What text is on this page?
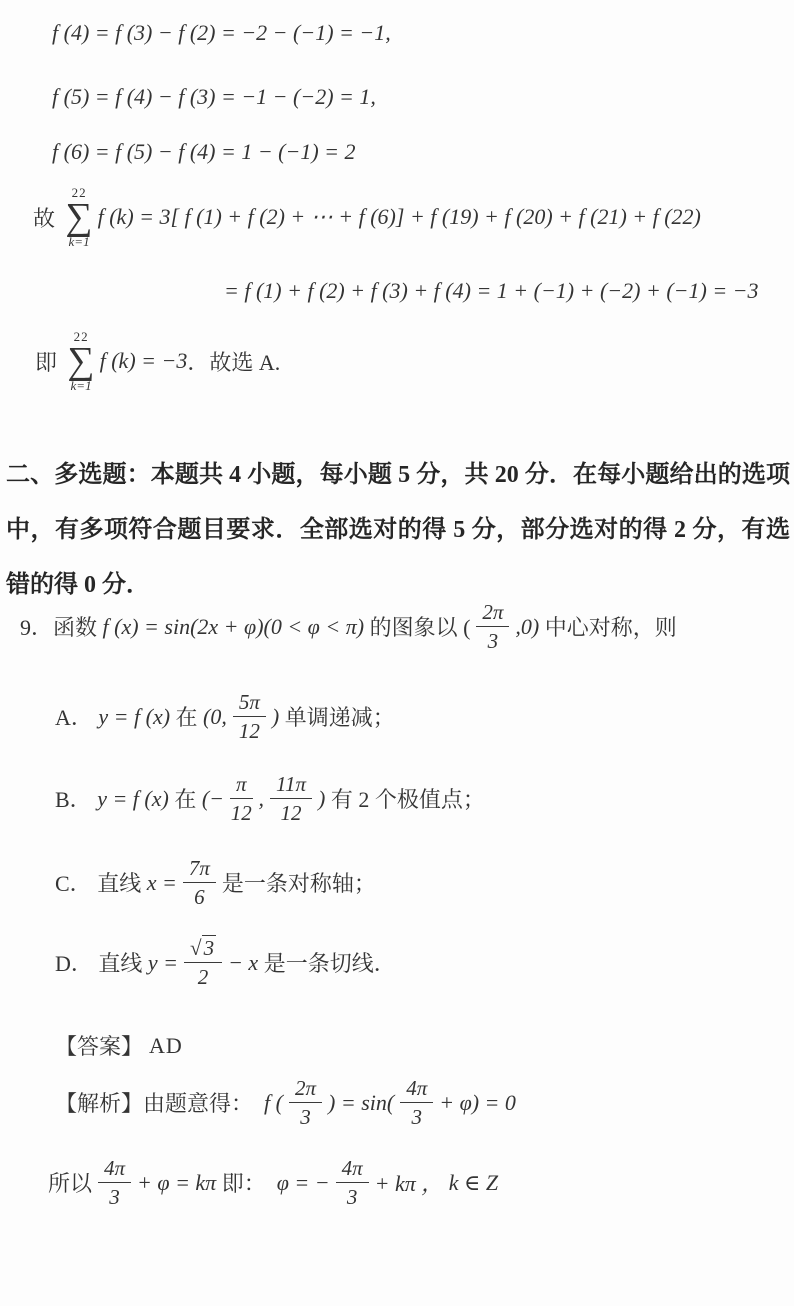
f (4) = f (3) − f (2) = −2 − (−1) = −1,
f (5) = f (4) − f (3) = −1 − (−2) = 1,
f (6) = f (5) − f (4) = 1 − (−1) = 2
故
22
∑
k=1
f (k) = 3[ f (1) + f (2) + ⋯ + f (6)] + f (19) + f (20) + f (21) + f (22)
= f (1) + f (2) + f (3) + f (4) = 1 + (−1) + (−2) + (−1) = −3
即
22
∑
k=1
f (k) = −3 ．故选 A.
二、多选题：本题共 4 小题，每小题 5 分，共 20 分．在每小题给出的选项中，有多项符合题目要求．全部选对的得 5 分，部分选对的得 2 分，有选错的得 0 分．
9． 函数 f (x) = sin(2x + φ)(0 < φ < π) 的图象以 ( $\frac{2\pi}{3} ,0$) 中心对称，则
A． y = f (x) 在 (0, $\frac{5\pi}{12}$ ) 单调递减；
B． y = f (x) 在 (− $\frac{\pi}{12}$ , $\frac{11\pi}{12}$ ) 有 2 个极值点；
C． 直线 $x = \frac{7\pi}{6}$ 是一条对称轴；
D． 直线 $y = \frac{√3}{2} - x$ 是一条切线．
【答案】 AD
【解析】 由题意得： f ( $\frac{2\pi}{3}$ ) = $\sin( \frac{4\pi}{3} + \varphi) = 0$
所以 $\frac{4\pi}{3} + \varphi = k\pi$ 即： φ = − $\frac{4\pi}{3} + k\pi$ ， k ∈ Z
